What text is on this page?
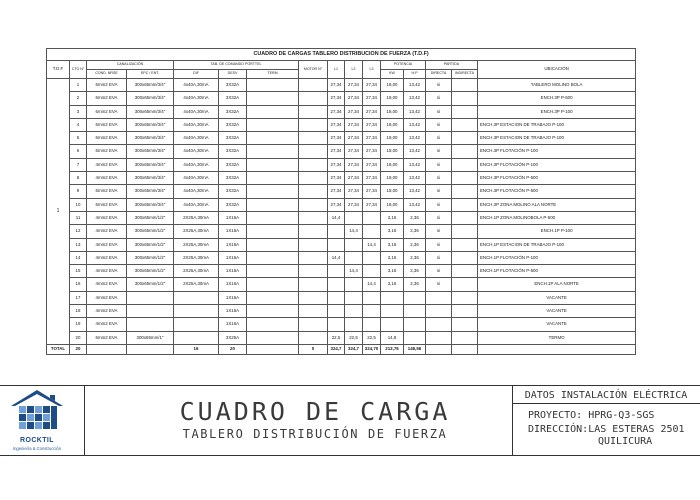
CUADRO DE CARGAS TABLERO DISTRIBUCION DE FUERZA (T.D.F)															
T.D.F	CTO N°	CANALIZACIÓN		TAB. DE COMANDO PORTTEL			MOTOR N°	L1	L2	L3	POTENCIA		PARTIDA		UBICACIÓN
		COND. NRSE	EPC / ENT.	DIF	DESV	TERM					KW	H.P	DIRECTA	INDIRECTA	
1	1	6mm2 EVA	300x65mm/3/4"	4x40A,30mA	3X32A			27,34	27,34	27,34	18,00	13,42	si		TABLERO MOLINO BOLA
	2	6mm2 EVA	300x65mm/3/4"	4x40A,30mA	3X32A			27,34	27,34	27,34	18,00	13,42	si		ENCH.3P P-500
	3	6mm2 EVA	300x65mm/3/4"	4x40A,30mA	3X32A			27,34	27,34	27,34	18,00	13,42	si		ENCH.3P P-100
	4	6mm2 EVA	300x65mm/3/4"	4x40A,30mA	3X32A			27,34	27,34	27,34	18,00	13,42	si		ENCH.3P ESTACION DE TRABAJO P-100
	5	6mm2 EVA	300x65mm/3/4"	4x40A,30mA	3X32A			27,34	27,34	27,34	18,00	13,42	si		ENCH.3P ESTACION DE TRABAJO P-100
	6	6mm2 EVA	300x65mm/3/4"	4x40A,30mA	3X32A			27,34	27,34	27,34	18,00	13,42	si		ENCH.3P FLOTACIÓN P-100
	7	4mm2 EVA	300x65mm/3/4"	4x40A,30mA	3X32A			27,34	27,34	27,34	18,00	13,42	si		ENCH.3P FLOTACIÓN P-100
	8	4mm2 EVA	300x65mm/3/4"	4x40A,30mA	3X32A			27,34	27,34	27,34	18,00	13,42	si		ENCH.3P FLOTACIÓN P-500
	9	6mm2 EVA	300x65mm/3/4"	4x40A,30mA	3X32A			27,34	27,34	27,34	18,00	13,42	si		ENCH.3P FLOTACIÓN P-500
	10	6mm2 EVA	300x65mm/3/4"	4x40A,30mA	3X32A			27,34	27,34	27,34	18,00	13,42	si		ENCH.3P ZONA MOLINO ALA NORTE
	11	4mm2 EVA	300x65mm/1/2"	2X25A,30mA	1X16A			14,4			3,16	2,36	si		ENCH.1P ZONA MOLINOBOLA P-500
	12	4mm2 EVA	300x65mm/1/2"	2X25A,30mA	1X16A				14,4		3,16	2,36	si		ENCH.1P P-100
	13	4mm2 EVA	300x65mm/1/2"	2X25A,30mA	1X16A					14,4	3,16	2,36	si		ENCH.1P ESTACION DE TRABAJO P-100
	14	4mm2 EVA	300x65mm/1/2"	2X25A,30mA	1X16A			14,4			3,16	2,36	si		ENCH.1P FLOTACIÓN P-100
	15	4mm2 EVA	300x65mm/1/2"	2X25A,30mA	1X16A				14,4		3,16	2,36	si		ENCH.1P FLOTACIÓN P-500
	16	4mm2 EVA	300x65mm/1/2"	2X25A,30mA	1X16A					14,4	3,16	2,36	si		ENCH.1P ALA NORTE
	17	4mm2 EVA			1X16A										VACANTE
	18	4mm2 EVA			1X16A										VACANTE
	19	4mm2 EVA			1X16A										VACANTE
	20	6mm2 EVA	300x65mm/1"		3X25A			22,5	22,5	22,5	14,8				TERMO
TOTAL	20			16	20		0	324,7	324,7	324,70	213,76	148,56			
ROCKTIL
Ingeniería & Construcción
CUADRO DE CARGA
TABLERO DISTRIBUCIÓN DE FUERZA
DATOS INSTALACIÓN ELÉCTRICA
PROYECTO: HPRG-Q3-SGS
DIRECCIÓN:LAS ESTERAS 2501
QUILICURA
